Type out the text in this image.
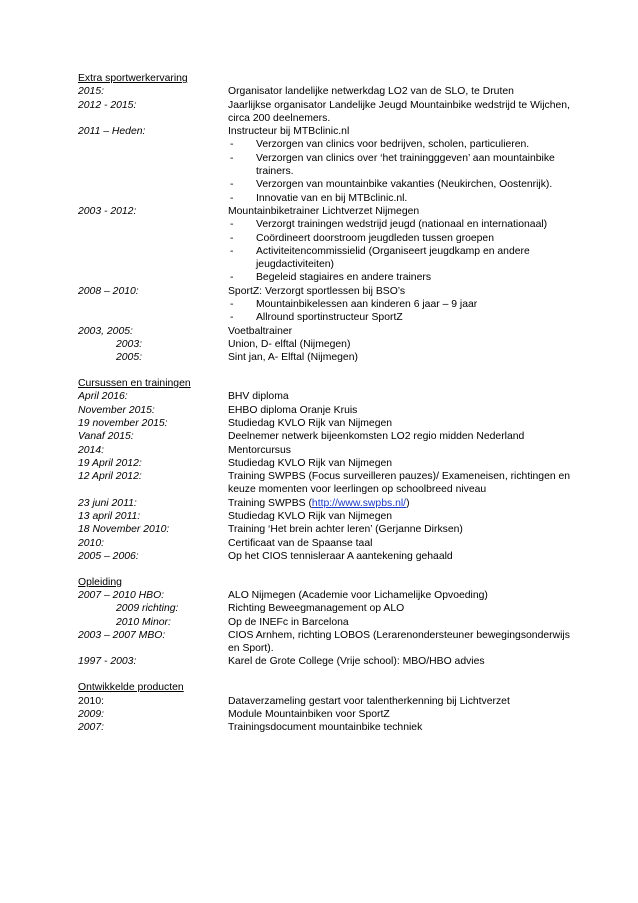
Extra sportwerkervaring
2015:	Organisator landelijke netwerkdag LO2 van de SLO, te Druten
2012 - 2015:	Jaarlijkse organisator Landelijke Jeugd Mountainbike wedstrijd te Wijchen, circa 200 deelnemers.
2011 – Heden:	Instructeur bij MTBclinic.nl
-	Verzorgen van clinics voor bedrijven, scholen, particulieren.
-	Verzorgen van clinics over ‘het trainingggeven’ aan mountainbike trainers.
-	Verzorgen van mountainbike vakanties (Neukirchen, Oostenrijk).
-	Innovatie van en bij MTBclinic.nl.
2003 - 2012:	Mountainbiketrainer Lichtverzet Nijmegen
-	Verzorgt trainingen wedstrijd jeugd (nationaal en internationaal)
-	Coördineert doorstroom jeugdleden tussen groepen
-	Activiteitencommissielid (Organiseert jeugdkamp en andere jeugdactiviteiten)
-	Begeleid stagiaires en andere trainers
2008 – 2010:	SportZ: Verzorgt sportlessen bij BSO’s
-	Mountainbikelessen aan kinderen 6 jaar – 9 jaar
-	Allround sportinstructeur SportZ
2003, 2005:	Voetbaltrainer
2003:	Union, D- elftal (Nijmegen)
2005:	Sint jan, A- Elftal (Nijmegen)
Cursussen en trainingen
April 2016:	BHV diploma
November 2015:	EHBO diploma Oranje Kruis
19 november 2015:	Studiedag KVLO Rijk van Nijmegen
Vanaf 2015:	Deelnemer netwerk bijeenkomsten LO2 regio midden Nederland
2014:	Mentorcursus
19 April 2012:	Studiedag KVLO Rijk van Nijmegen
12 April 2012:	Training SWPBS (Focus surveilleren pauzes)/ Exameneisen, richtingen en keuze momenten voor leerlingen op schoolbreed niveau
23 juni 2011:	Training SWPBS (http://www.swpbs.nl/)
13 april 2011:	Studiedag KVLO Rijk van Nijmegen
18 November 2010:	Training ‘Het brein achter leren’ (Gerjanne Dirksen)
2010:	Certificaat van de Spaanse taal
2005 – 2006:	Op het CIOS tennisleraar A aantekening gehaald
Opleiding
2007 – 2010 HBO:	ALO Nijmegen (Academie voor Lichamelijke Opvoeding)
2009 richting:	Richting Beweegmanagement op ALO
2010 Minor:	Op de INEFc in Barcelona
2003 – 2007 MBO:	CIOS Arnhem, richting LOBOS (Lerarenondersteuner bewegingsonderwijs en Sport).
1997 - 2003:	Karel de Grote College (Vrije school): MBO/HBO advies
Ontwikkelde producten
2010:	Dataverzameling gestart voor talentherkenning bij Lichtverzet
2009:	Module Mountainbiken voor SportZ
2007:	Trainingsdocument mountainbike techniek
